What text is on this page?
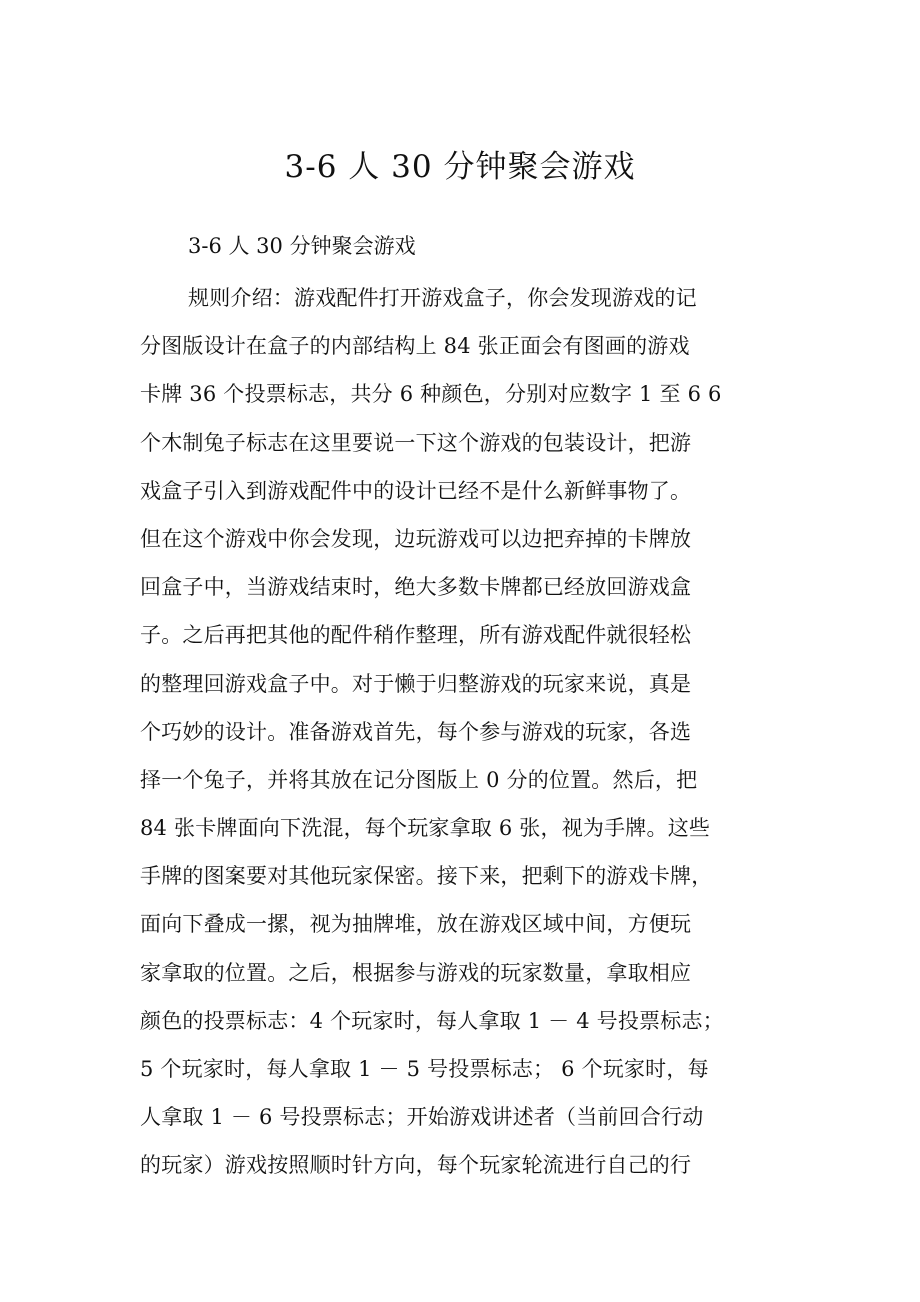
3-6 人 30 分钟聚会游戏

3-6 人 30 分钟聚会游戏

规则介绍：游戏配件打开游戏盒子，你会发现游戏的记
分图版设计在盒子的内部结构上 84 张正面会有图画的游戏
卡牌 36 个投票标志，共分 6 种颜色，分别对应数字 1 至 6 6
个木制兔子标志在这里要说一下这个游戏的包装设计，把游
戏盒子引入到游戏配件中的设计已经不是什么新鲜事物了。
但在这个游戏中你会发现，边玩游戏可以边把弃掉的卡牌放
回盒子中，当游戏结束时，绝大多数卡牌都已经放回游戏盒
子。之后再把其他的配件稍作整理，所有游戏配件就很轻松
的整理回游戏盒子中。对于懒于归整游戏的玩家来说，真是
个巧妙的设计。准备游戏首先，每个参与游戏的玩家，各选
择一个兔子，并将其放在记分图版上 0 分的位置。然后，把
84 张卡牌面向下洗混，每个玩家拿取 6 张，视为手牌。这些
手牌的图案要对其他玩家保密。接下来，把剩下的游戏卡牌，
面向下叠成一摞，视为抽牌堆，放在游戏区域中间，方便玩
家拿取的位置。之后，根据参与游戏的玩家数量，拿取相应
颜色的投票标志：4 个玩家时，每人拿取 1 － 4 号投票标志；
5 个玩家时，每人拿取 1 － 5 号投票标志； 6 个玩家时，每
人拿取 1 － 6 号投票标志；开始游戏讲述者（当前回合行动
的玩家）游戏按照顺时针方向，每个玩家轮流进行自己的行
